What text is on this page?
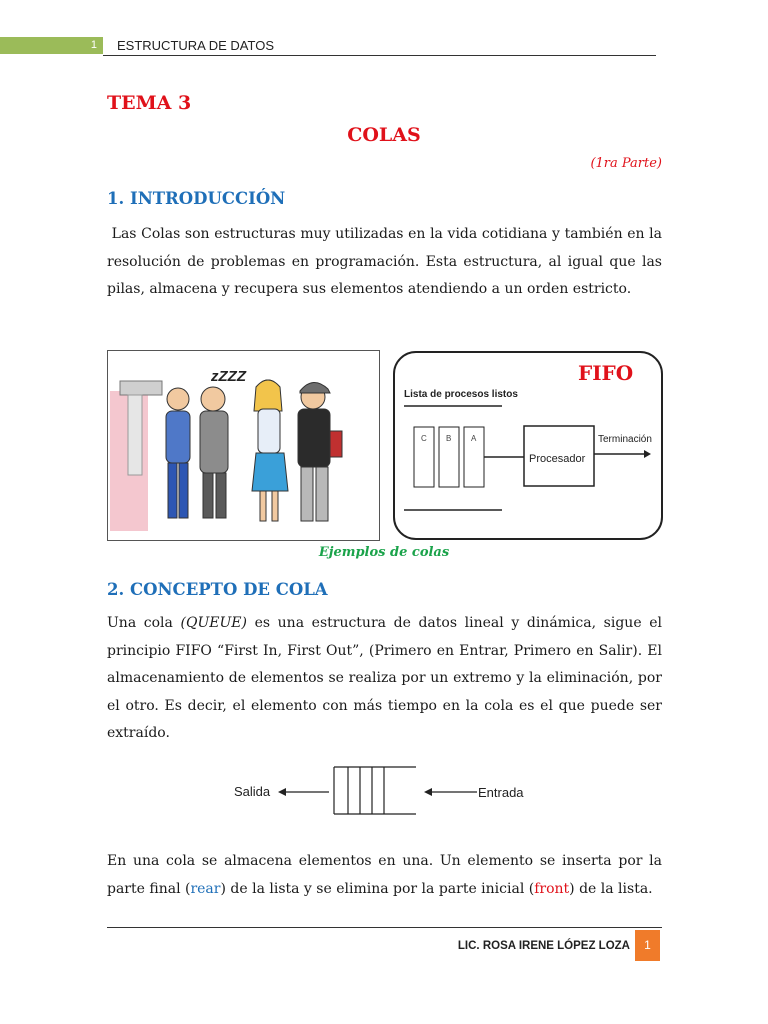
1	ESTRUCTURA DE DATOS
TEMA 3
COLAS
(1ra Parte)
1. INTRODUCCIÓN

Las Colas son estructuras muy utilizadas en la vida cotidiana y también en la resolución de problemas en programación. Esta estructura, al igual que las pilas, almacena y recupera sus elementos atendiendo a un orden estricto.

zZZZ	FIFO
Lista de procesos listos
C B A
Procesador
Terminación
Ejemplos de colas
2. CONCEPTO DE COLA

Una cola (QUEUE) es una estructura de datos lineal y dinámica, sigue el principio FIFO “First In, First Out”, (Primero en Entrar, Primero en Salir). El almacenamiento de elementos se realiza por un extremo y la eliminación, por el otro. Es decir, el elemento con más tiempo en la cola es el que puede ser extraído.

Salida	Entrada

En una cola se almacena elementos en una. Un elemento se inserta por la parte final (rear) de la lista y se elimina por la parte inicial (front) de la lista.

LIC. ROSA IRENE LÓPEZ LOZA	1
